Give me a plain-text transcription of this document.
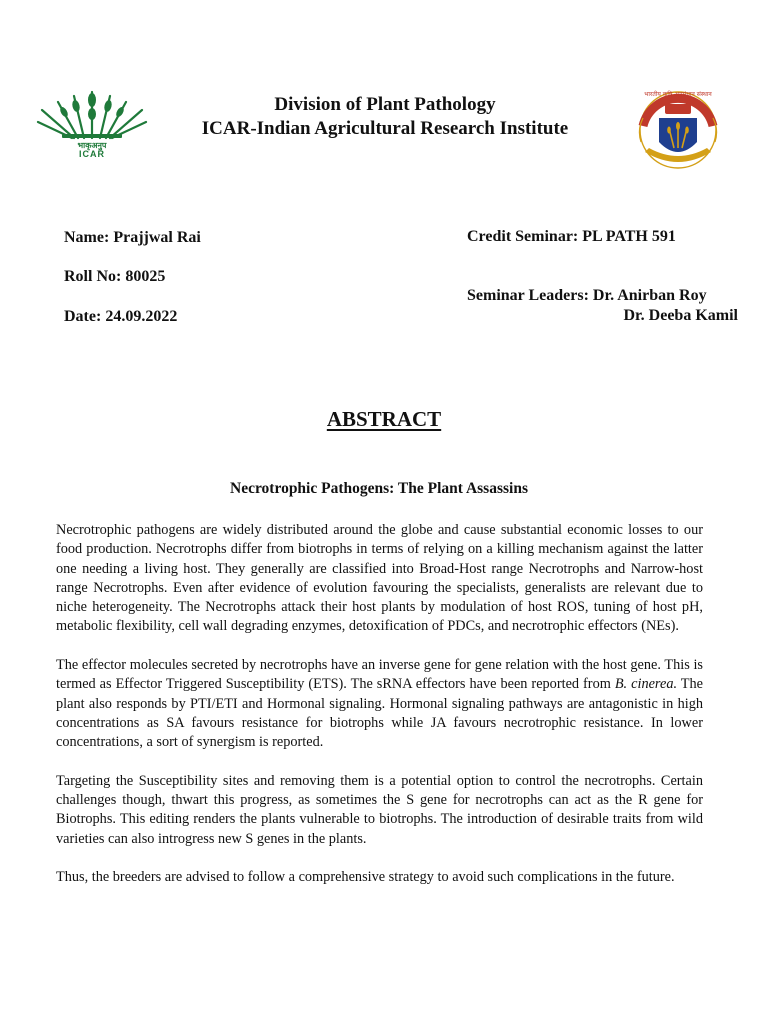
भाकृअनुप
ICAR
भारतीय कृषि अनुसंधान संस्थान
Division of Plant Pathology
ICAR-Indian Agricultural Research Institute
Name: Prajjwal Rai
Roll No: 80025
Date: 24.09.2022
Credit Seminar: PL PATH 591
Seminar Leaders: Dr. Anirban Roy
Dr. Deeba Kamil
ABSTRACT
Necrotrophic Pathogens: The Plant Assassins

Necrotrophic pathogens are widely distributed around the globe and cause substantial economic losses to our food production. Necrotrophs differ from biotrophs in terms of relying on a killing mechanism against the latter one needing a living host. They generally are classified into Broad-Host range Necrotrophs and Narrow-host range Necrotrophs. Even after evidence of evolution favouring the specialists, generalists are relevant due to niche heterogeneity. The Necrotrophs attack their host plants by modulation of host ROS, tuning of host pH, metabolic flexibility, cell wall degrading enzymes, detoxification of PDCs, and necrotrophic effectors (NEs).

The effector molecules secreted by necrotrophs have an inverse gene for gene relation with the host gene. This is termed as Effector Triggered Susceptibility (ETS). The sRNA effectors have been reported from B. cinerea. The plant also responds by PTI/ETI and Hormonal signaling. Hormonal signaling pathways are antagonistic in high concentrations as SA favours resistance for biotrophs while JA favours necrotrophic resistance. In lower concentrations, a sort of synergism is reported.

Targeting the Susceptibility sites and removing them is a potential option to control the necrotrophs. Certain challenges though, thwart this progress, as sometimes the S gene for necrotrophs can act as the R gene for Biotrophs. This editing renders the plants vulnerable to biotrophs. The introduction of desirable traits from wild varieties can also introgress new S genes in the plants.

Thus, the breeders are advised to follow a comprehensive strategy to avoid such complications in the future.
